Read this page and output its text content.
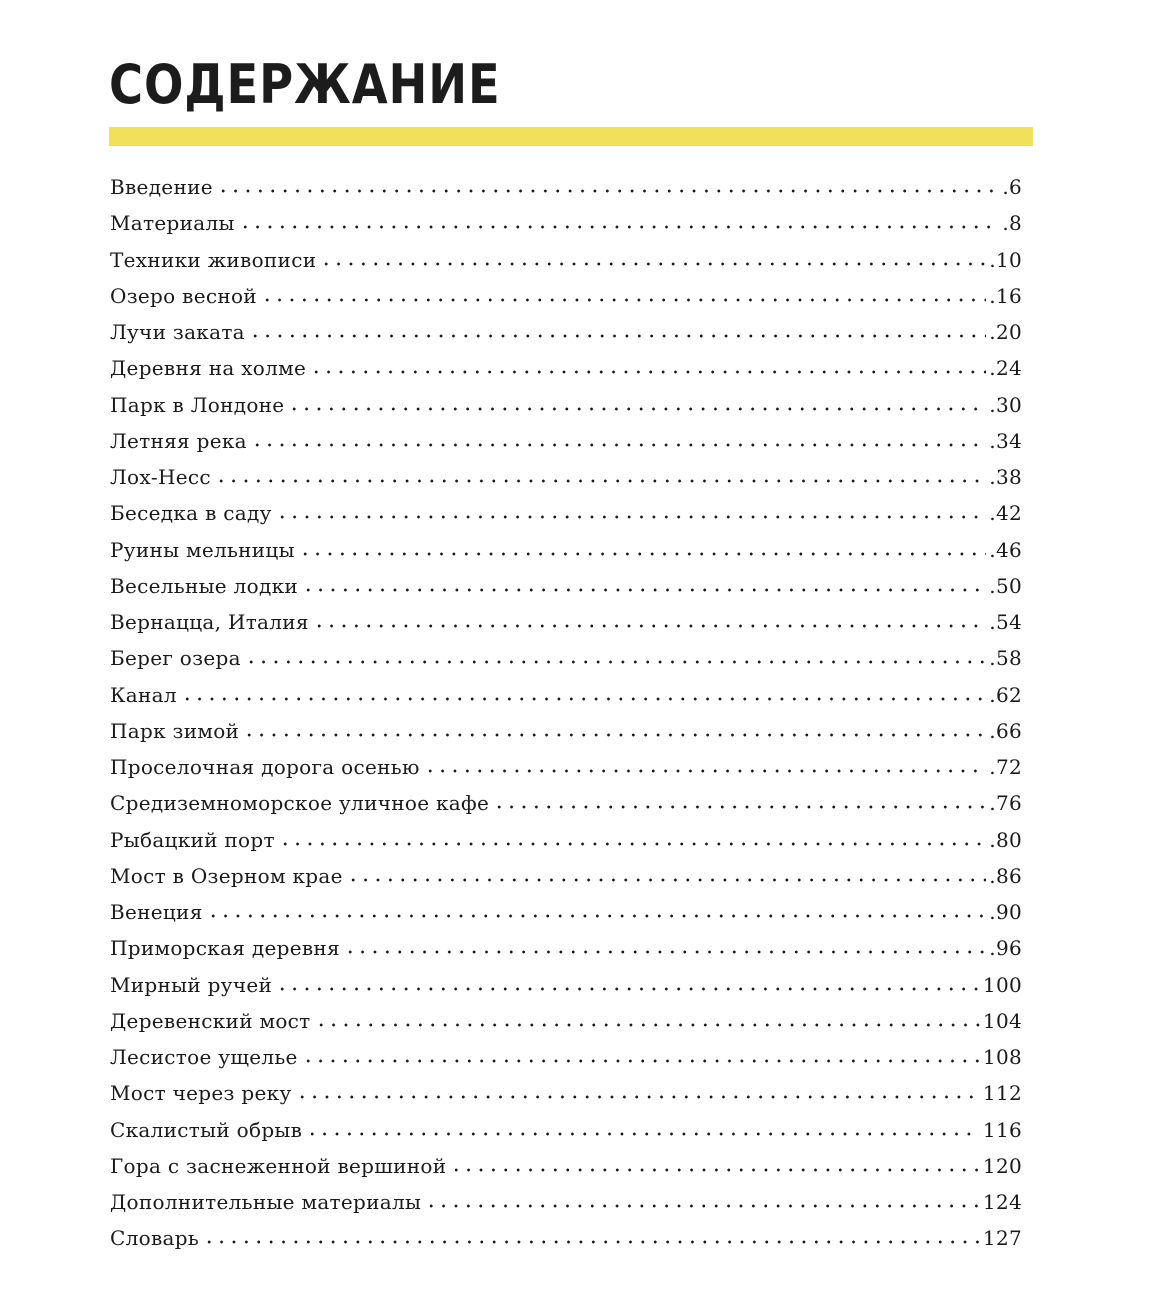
СОДЕРЖАНИЕ
Введение	.6
Материалы	.8
Техники живописи	.10
Озеро весной	.16
Лучи заката	.20
Деревня на холме	.24
Парк в Лондоне	.30
Летняя река	.34
Лох-Несс	.38
Беседка в саду	.42
Руины мельницы	.46
Весельные лодки	.50
Вернацца, Италия	.54
Берег озера	.58
Канал	.62
Парк зимой	.66
Проселочная дорога осенью	.72
Средиземноморское уличное кафе	.76
Рыбацкий порт	.80
Мост в Озерном крае	.86
Венеция	.90
Приморская деревня	.96
Мирный ручей	100
Деревенский мост	104
Лесистое ущелье	108
Мост через реку	112
Скалистый обрыв	116
Гора с заснеженной вершиной	120
Дополнительные материалы	124
Словарь	127
